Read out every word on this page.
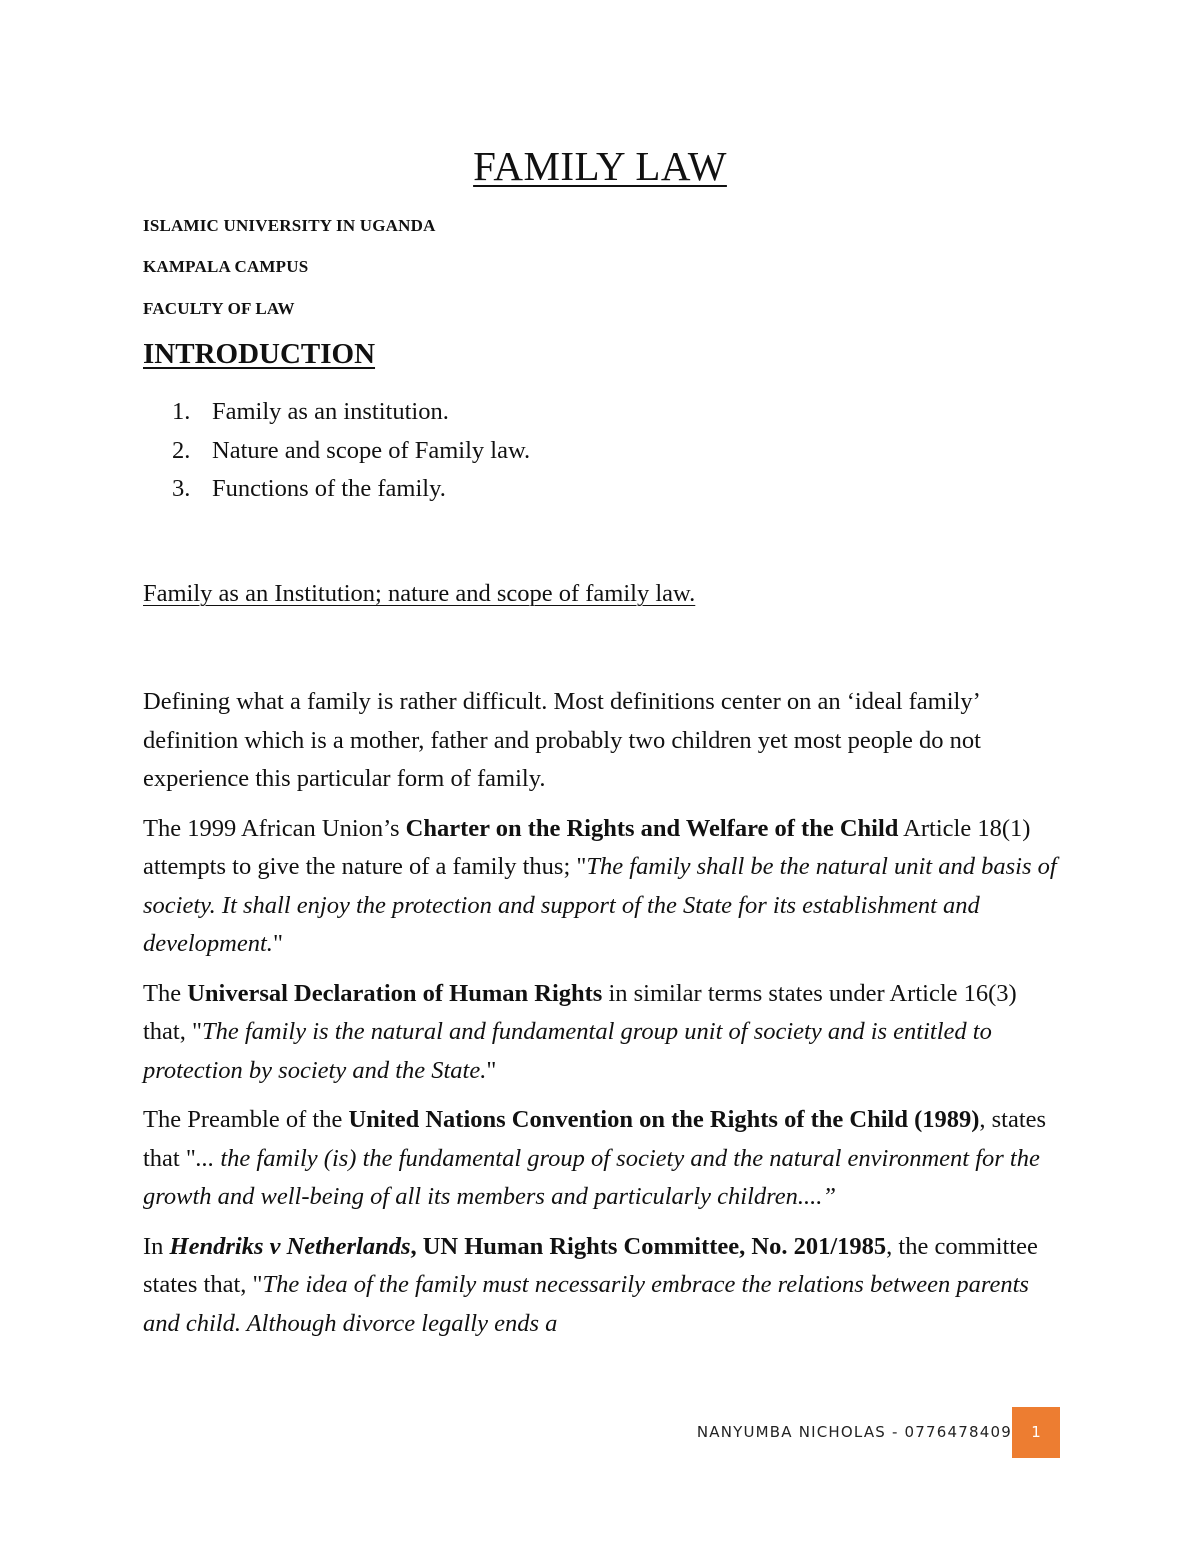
FAMILY LAW
ISLAMIC UNIVERSITY IN UGANDA
KAMPALA CAMPUS
FACULTY OF LAW
INTRODUCTION
1. Family as an institution.
2. Nature and scope of Family law.
3. Functions of the family.
Family as an Institution; nature and scope of family law.

Defining what a family is rather difficult. Most definitions center on an ‘ideal family’ definition which is a mother, father and probably two children yet most people do not experience this particular form of family.

The 1999 African Union’s Charter on the Rights and Welfare of the Child Article 18(1) attempts to give the nature of a family thus; "The family shall be the natural unit and basis of society. It shall enjoy the protection and support of the State for its establishment and development."

The Universal Declaration of Human Rights in similar terms states under Article 16(3) that, "The family is the natural and fundamental group unit of society and is entitled to protection by society and the State."

The Preamble of the United Nations Convention on the Rights of the Child (1989), states that "... the family (is) the fundamental group of society and the natural environment for the growth and well-being of all its members and particularly children....”

In Hendriks v Netherlands, UN Human Rights Committee, No. 201/1985, the committee states that, "The idea of the family must necessarily embrace the relations between parents and child. Although divorce legally ends a

NANYUMBA NICHOLAS - 0776478409	1
